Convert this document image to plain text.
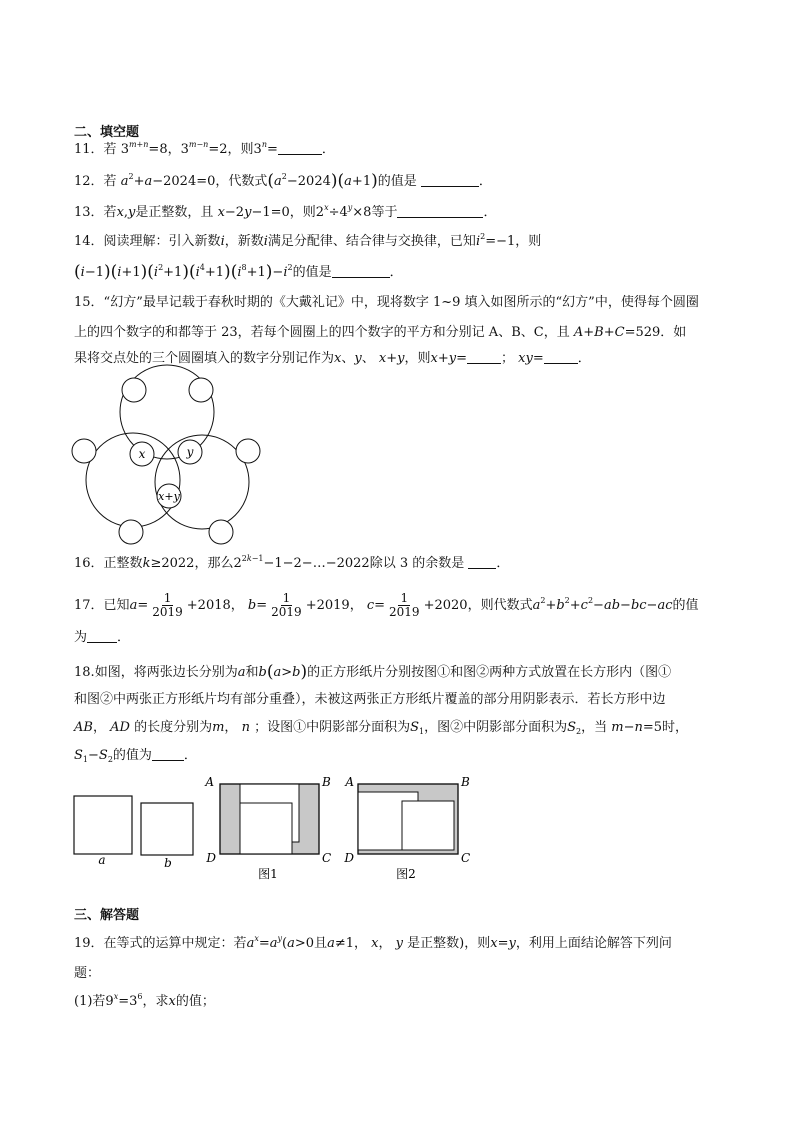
二、填空题
11．若 $3^{m+n}=8$，$3^{m-n}=2$，则$3^n=$	．
12．若 $a^2+a-2024=0$，代数式$(a^2-2024)(a+1)$的值是	．
13．若x,y是正整数，且 x−2y−1=0，则$2^x\div 4^y\times 8$等于	．
14．阅读理解：引入新数i，新数i满足分配律、结合律与交换律，已知$i^2=-1$，则
$(i-1)(i+1)(i^2+1)(i^4+1)(i^8+1)-i^2$的值是	．
15．“幻方”最早记载于春秋时期的《大戴礼记》中，现将数字 1~9 填入如图所示的“幻方”中，使得每个圆圈
上的四个数字的和都等于 23，若每个圆圈上的四个数字的平方和分别记 A、B、C，且 A+B+C=529．如
果将交点处的三个圆圈填入的数字分别记作为x、y、 x+y，则x+y=	； xy=	．
x	y
x+y
16．正整数k≥2022，那么$2^{2k-1}-1-2-\dots-2022$除以 3 的余数是 ．
17．已知$a= \frac{1}{2019} +2018$， $b= \frac{1}{2019} +2019$， $c= \frac{1}{2019} +2020$，则代数式$a^2+b^2+c^2-ab-bc-ac$的值
为 ．
18.如图，将两张边长分别为a和b(a>b)的正方形纸片分别按图①和图②两种方式放置在长方形内（图①
和图②中两张正方形纸片均有部分重叠），未被这两张正方形纸片覆盖的部分用阴影表示．若长方形中边
AB， AD 的长度分别为m， n ；设图①中阴影部分面积为$S_1$，图②中阴影部分面积为$S_2$，当 m−n=5时，
$S_1-S_2$的值为 ．
a	b
A	B
D	C
图1
A	B
D	C
图2
三、解答题
19．在等式的运算中规定：若$a^x=a^y(a>0$且a≠1， x， y 是正整数)，则x=y，利用上面结论解答下列问
题：
(1)若$9^x=3^6$，求x的值；
